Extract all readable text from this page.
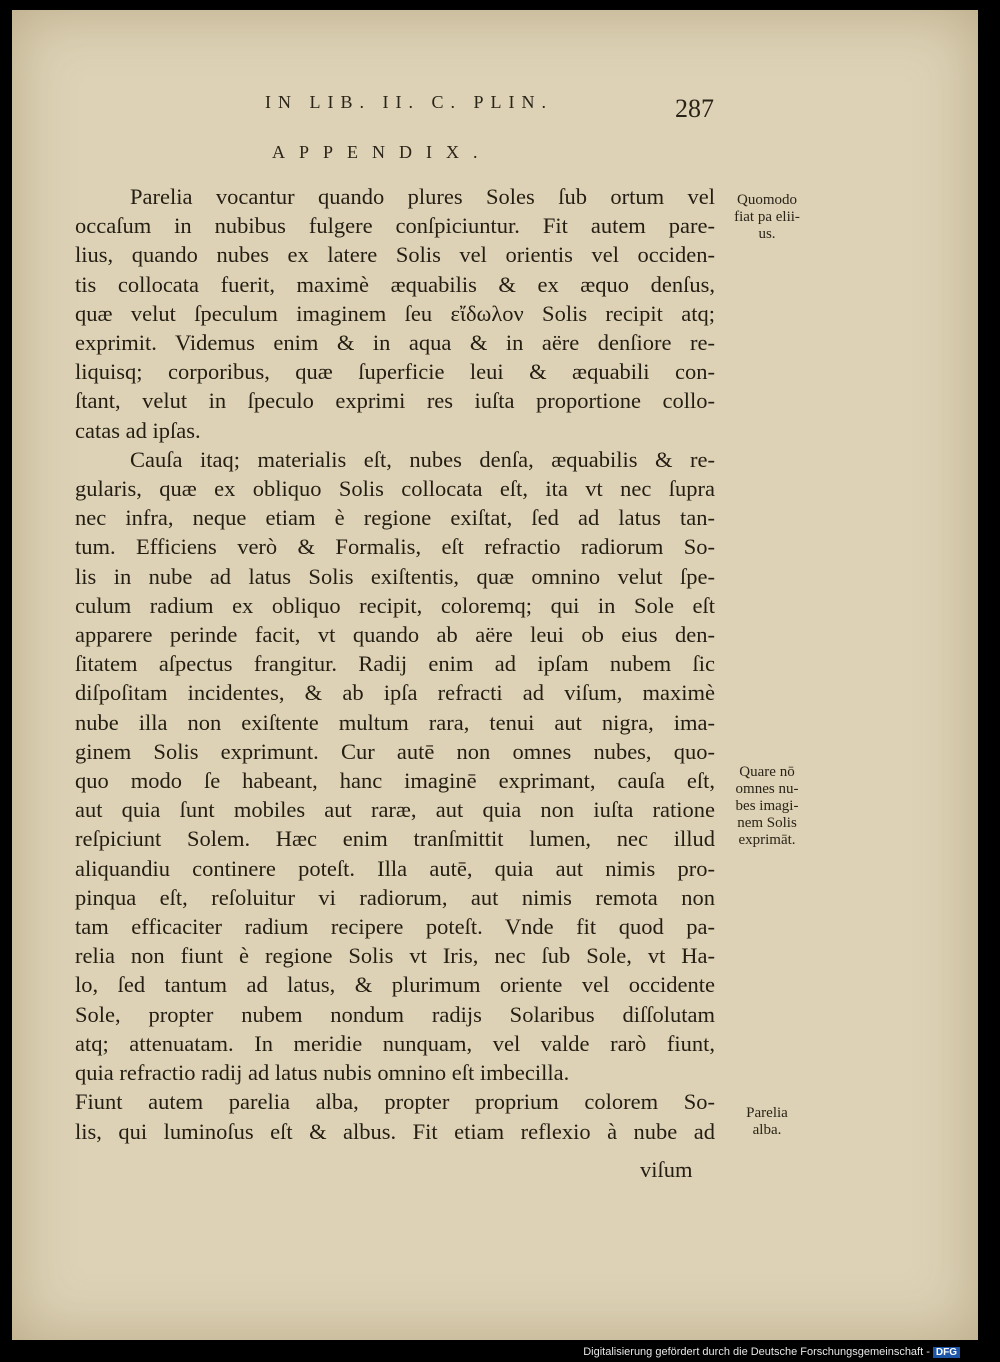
IN LIB. II. C. PLIN.	287
APPENDIX.
Parelia vocantur quando plures Soles ſub ortum vel
occaſum in nubibus fulgere conſpiciuntur. Fit autem pare-
lius, quando nubes ex latere Solis vel orientis vel occiden-
tis collocata fuerit, maximè æquabilis & ex æquo denſus,
quæ velut ſpeculum imaginem ſeu εἴδωλον Solis recipit atq;
exprimit. Videmus enim & in aqua & in aëre denſiore re-
liquisq; corporibus, quæ ſuperficie leui & æquabili con-
ſtant, velut in ſpeculo exprimi res iuſta proportione collo-
catas ad ipſas.
Cauſa itaq; materialis eſt, nubes denſa, æquabilis & re-
gularis, quæ ex obliquo Solis collocata eſt, ita vt nec ſupra
nec infra, neque etiam è regione exiſtat, ſed ad latus tan-
tum. Efficiens verò & Formalis, eſt refractio radiorum So-
lis in nube ad latus Solis exiſtentis, quæ omnino velut ſpe-
culum radium ex obliquo recipit, coloremq; qui in Sole eſt
apparere perinde facit, vt quando ab aëre leui ob eius den-
ſitatem aſpectus frangitur. Radij enim ad ipſam nubem ſic
diſpoſitam incidentes, & ab ipſa refracti ad viſum, maximè
nube illa non exiſtente multum rara, tenui aut nigra, ima-
ginem Solis exprimunt. Cur autē non omnes nubes, quo-
quo modo ſe habeant, hanc imaginē exprimant, cauſa eſt,
aut quia ſunt mobiles aut raræ, aut quia non iuſta ratione
reſpiciunt Solem. Hæc enim tranſmittit lumen, nec illud
aliquandiu continere poteſt. Illa autē, quia aut nimis pro-
pinqua eſt, reſoluitur vi radiorum, aut nimis remota non
tam efficaciter radium recipere poteſt. Vnde fit quod pa-
relia non fiunt è regione Solis vt Iris, nec ſub Sole, vt Ha-
lo, ſed tantum ad latus, & plurimum oriente vel occidente
Sole, propter nubem nondum radijs Solaribus diſſolutam
atq; attenuatam. In meridie nunquam, vel valde rarò fiunt,
quia refractio radij ad latus nubis omnino eſt imbecilla.
Fiunt autem parelia alba, propter proprium colorem So-
lis, qui luminoſus eſt & albus. Fit etiam reflexio à nube ad
viſum
Quomodo
fiat pa elii-
us.
Quare nō
omnes nu-
bes imagi-
nem Solis
exprimāt.
Parelia
alba.
Digitalisierung gefördert durch die Deutsche Forschungsgemeinschaft - DFG
